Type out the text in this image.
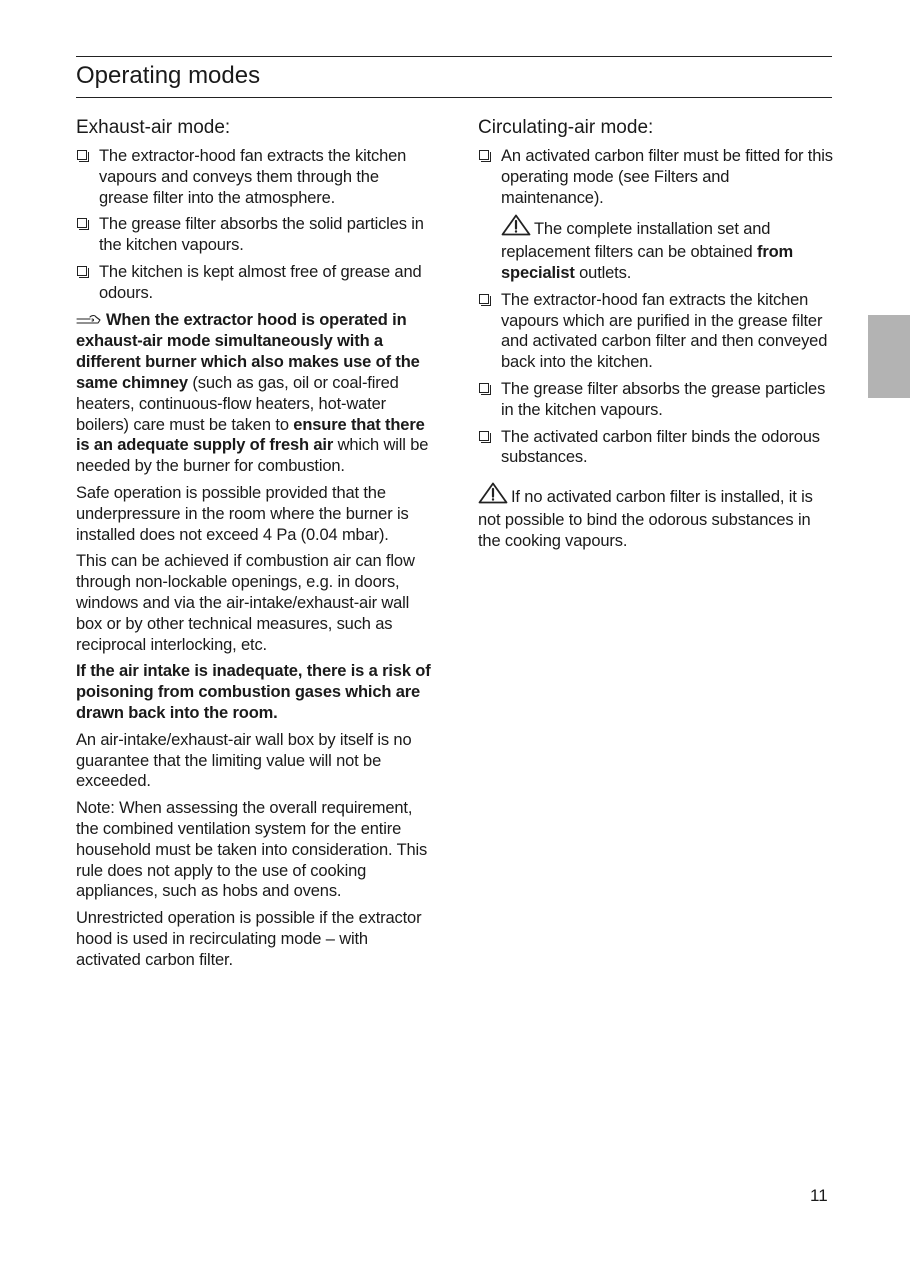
Operating modes
Exhaust-air mode:
The extractor-hood fan extracts the kitchen vapours and conveys them through the grease filter into the atmosphere.
The grease filter absorbs the solid particles in the kitchen vapours.
The kitchen is kept almost free of grease and odours.

When the extractor hood is operated in exhaust-air mode simultaneously with a different burner which also makes use of the same chimney (such as gas, oil or coal-fired heaters, continuous-flow heaters, hot-water boilers) care must be taken to ensure that there is an adequate supply of fresh air which will be needed by the burner for combustion.

Safe operation is possible provided that the underpressure in the room where the burner is installed does not exceed 4 Pa (0.04 mbar).

This can be achieved if combustion air can flow through non-lockable openings, e.g. in doors, windows and via the air-intake/exhaust-air wall box or by other technical measures, such as reciprocal interlocking, etc.

If the air intake is inadequate, there is a risk of poisoning from combustion gases which are drawn back into the room.

An air-intake/exhaust-air wall box by itself is no guarantee that the limiting value will not be exceeded.

Note: When assessing the overall requirement, the combined ventilation system for the entire household must be taken into consideration. This rule does not apply to the use of cooking appliances, such as hobs and ovens.

Unrestricted operation is possible if the extractor hood is used in recirculating mode – with activated carbon filter.

Circulating-air mode:
An activated carbon filter must be fitted for this operating mode (see Filters and maintenance).

The complete installation set and replacement filters can be obtained from specialist outlets.

The extractor-hood fan extracts the kitchen vapours which are purified in the grease filter and activated carbon filter and then conveyed back into the kitchen.
The grease filter absorbs the grease particles in the kitchen vapours.
The activated carbon filter binds the odorous substances.

If no activated carbon filter is installed, it is not possible to bind the odorous substances in the cooking vapours.

11
